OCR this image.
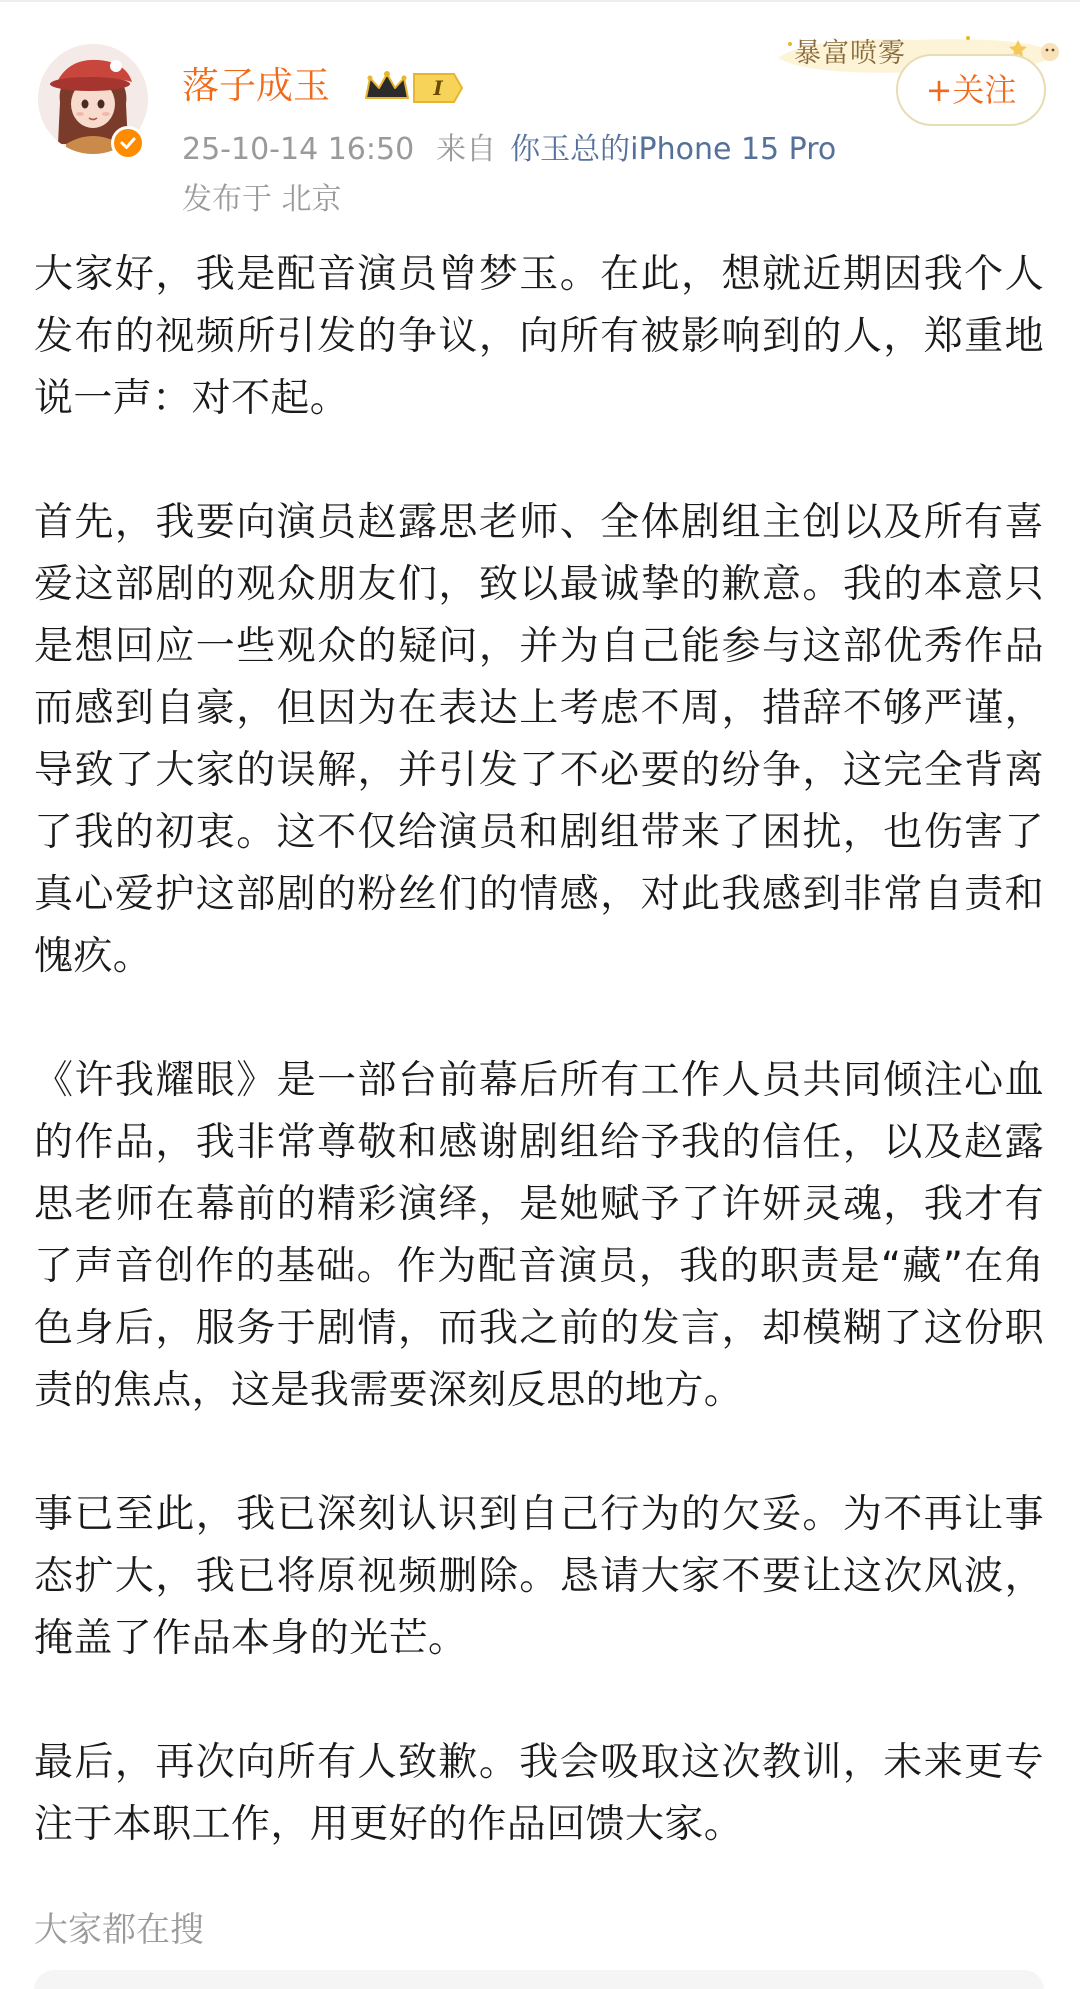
落子成玉	I
25-10-14 16:50 来自 你玉总的iPhone 15 Pro
发布于 北京
暴富喷雾
+关注

大家好，我是配音演员曾梦玉。在此，想就近期因我个人发布的视频所引发的争议，向所有被影响到的人，郑重地说一声：对不起。

首先，我要向演员赵露思老师、全体剧组主创以及所有喜爱这部剧的观众朋友们，致以最诚挚的歉意。我的本意只是想回应一些观众的疑问，并为自己能参与这部优秀作品而感到自豪，但因为在表达上考虑不周，措辞不够严谨，导致了大家的误解，并引发了不必要的纷争，这完全背离了我的初衷。这不仅给演员和剧组带来了困扰，也伤害了真心爱护这部剧的粉丝们的情感，对此我感到非常自责和愧疚。

《许我耀眼》是一部台前幕后所有工作人员共同倾注心血的作品，我非常尊敬和感谢剧组给予我的信任，以及赵露思老师在幕前的精彩演绎，是她赋予了许妍灵魂，我才有了声音创作的基础。作为配音演员，我的职责是“藏”在角色身后，服务于剧情，而我之前的发言，却模糊了这份职责的焦点，这是我需要深刻反思的地方。

事已至此，我已深刻认识到自己行为的欠妥。为不再让事态扩大，我已将原视频删除。恳请大家不要让这次风波，掩盖了作品本身的光芒。

最后，再次向所有人致歉。我会吸取这次教训，未来更专注于本职工作，用更好的作品回馈大家。

大家都在搜
